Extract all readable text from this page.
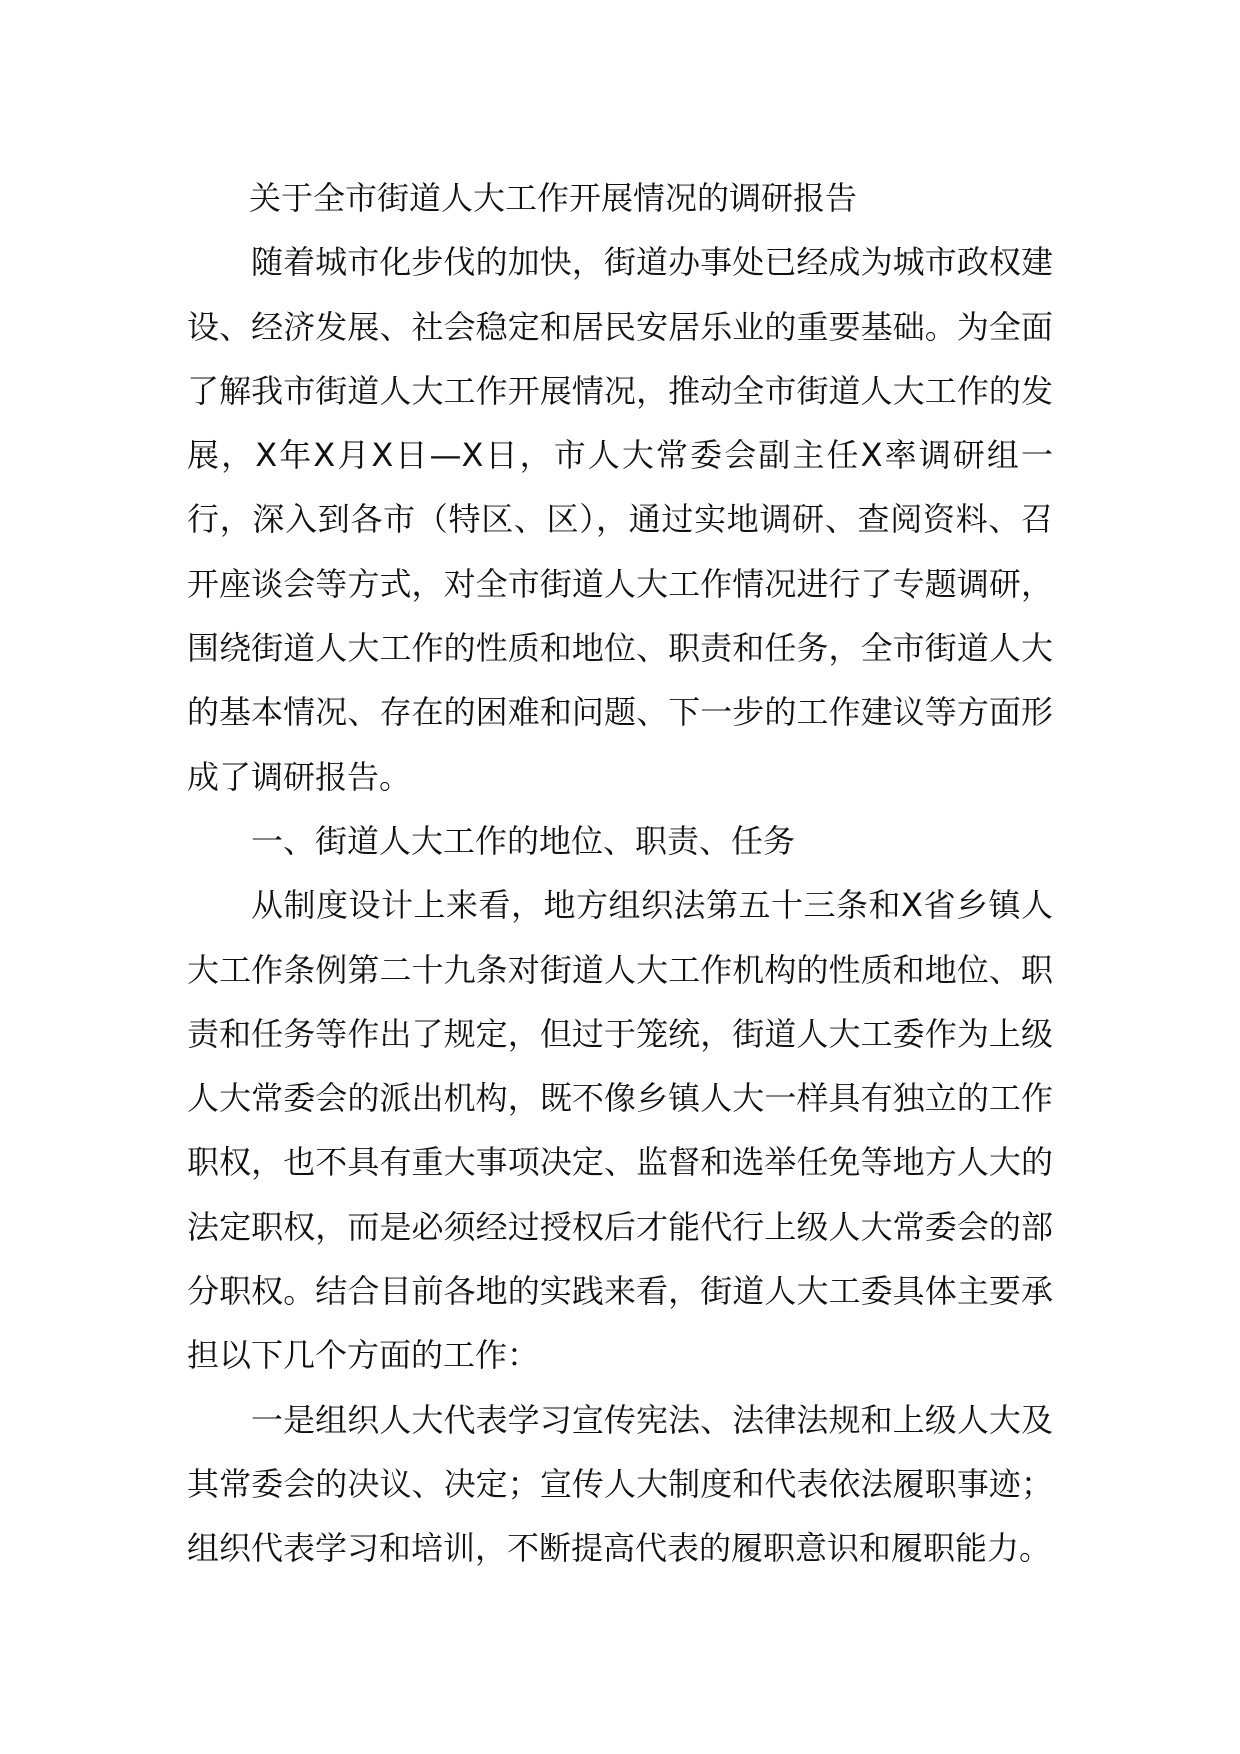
关于全市街道人大工作开展情况的调研报告

随着城市化步伐的加快，街道办事处已经成为城市政权建设、经济发展、社会稳定和居民安居乐业的重要基础。为全面了解我市街道人大工作开展情况，推动全市街道人大工作的发展，X年X月X日—X日，市人大常委会副主任X率调研组一行，深入到各市（特区、区），通过实地调研、查阅资料、召开座谈会等方式，对全市街道人大工作情况进行了专题调研，围绕街道人大工作的性质和地位、职责和任务，全市街道人大的基本情况、存在的困难和问题、下一步的工作建议等方面形成了调研报告。

一、街道人大工作的地位、职责、任务

从制度设计上来看，地方组织法第五十三条和X省乡镇人大工作条例第二十九条对街道人大工作机构的性质和地位、职责和任务等作出了规定，但过于笼统，街道人大工委作为上级人大常委会的派出机构，既不像乡镇人大一样具有独立的工作职权，也不具有重大事项决定、监督和选举任免等地方人大的法定职权，而是必须经过授权后才能代行上级人大常委会的部分职权。结合目前各地的实践来看，街道人大工委具体主要承担以下几个方面的工作：

一是组织人大代表学习宣传宪法、法律法规和上级人大及其常委会的决议、决定；宣传人大制度和代表依法履职事迹；组织代表学习和培训，不断提高代表的履职意识和履职能力。
